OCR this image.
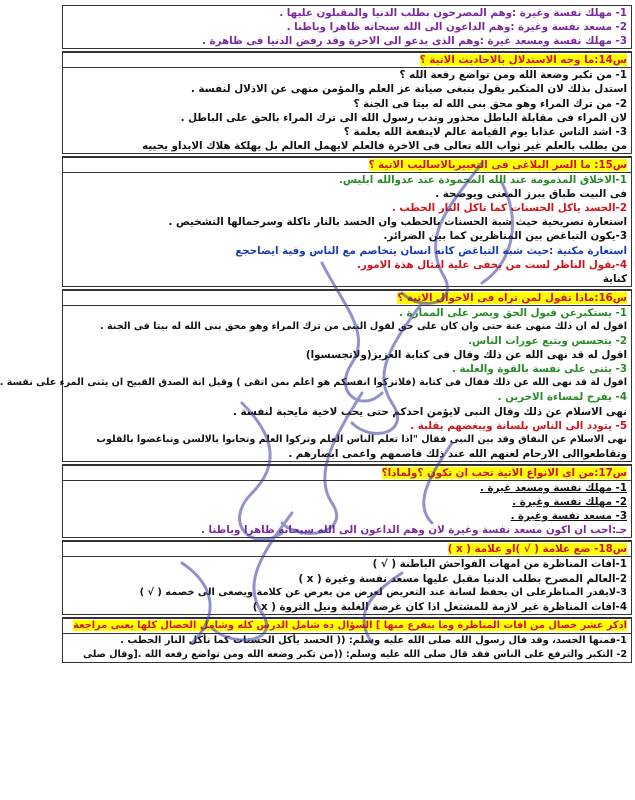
1- مهلك نفسة وغيرة :وهم المصرحون بطلب الدنيا والمقبلون عليها .
2- مسعد نفسة وغيرة :وهم الداعون الى الله سبحانه ظاهرا وباطنا .
3- مهلك نفسة ومسعد غيرة :وهم الذى يدعو الى الاخرة وقد رفض الدنيا فى ظاهرة .
س14:ما وجه الاستدلال بالاحاديث الاتية ؟
1- من تكبر وضعة الله ومن تواضع رفعة الله ؟
استدل بذلك لان المتكبر يقول ينبغى صيانة عز العلم والمؤمن منهى عن الاذلال لنفسة .
2- من ترك المراء وهو محق بنى الله له بيتا فى الجنة ؟
لان المراء فى مقابلة الباطل محذور وندب رسول الله الى ترك المراء بالحق على الباطل .
3- اشد الناس عذابا يوم القيامة عالم لاينفعة الله بعلمة ؟
من يطلب بالعلم غير ثواب الله تعالى فى الاخرة فالعلم لايهمل العالم بل يهلكة هلاك الابداو يحييه
س15: ما السر البلاغى فى التعبيربالاساليب الاتية ؟
1-الاخلاق المذمومة عند الله المحمودة عند عدوالله ابليس.
فى البيت طباق يبرز المعنى ويوضحة .
2-الحسد ياكل الحسنات كما تاكل النار الحطب .
استعارة تصريحية حيث شبة الحسنات بالحطب وان الحسد بالنار تاكلة وسرجمالها التشخيص .
3-يكون التباغض بين المناظرين كما بين الضرائر.
استعارة مكنية :حيث شبة التباغض كانه انسان يتخاصم مع الناس وفية ايضاحجع
4-يقول الناظر لست من يخفى علية امثال هذة الامور.
كناية
س16:ماذا تقول لمن تراه فى الاحوال الاتية ؟
1- يستكبرعن قبول الحق ويصر على الممارة .
اقول له ان ذلك منهى عنة حتى وان كان على حق لقول النبى من ترك المراء وهو محق بنى الله له بيتا فى الجنة .
2- يتجسس ويتبع عورات الناس.
اقول له قد نهى الله عن ذلك وقال فى كتابة العزيز(ولاتجسسوا)
3- يثنى على نفسة بالقوة والغلبة .
اقول لة قد نهى الله عن ذلك فقال فى كتابة (فلاتزكوا انفسكم هو اعلم بمن اتقى ) وقيل انة الصدق القبيح ان يثنى المرء على نفسة .
4- يفرح لمساءة الاخرين .
نهى الاسلام عن ذلك وقال النبى لايؤمن احدكم حتى يحب لاخية مايحبة لنفسة .
5- يتودد الى الناس بلسانة ويبغضهم بقلبة .
نهى الاسلام عن النفاق وقد بين النبى فقال "اذا تعلم الناس العلم وتركوا العلم وتحابوا بالالسن وتباغضوا بالقلوب
وتقاطعواالى الارحام لعنهم الله عند ذلك فاصمهم واعمى ابصارهم .
س17:من اى الانواع الاتية تحب ان تكون ؟ولماذا؟
1- مهلك نفسة ومسعد غيرة .
2- مهلك نفسة وغيرة .
3- مسعد نفسة وغيرة .
جـ:احب ان اكون مسعد نفسة وغيرة لان وهم الداعون الى الله سبحانه ظاهرا وباطنا .
س18- ضع علامة ( √ )او علامة ( x )
1-افات المناظرة من امهات الفواحش الباطنة ( √ )
2-العالم المصرح بطلب الدنيا مقبل عليها مسعد نفسة وغيرة ( x )
3-لايقدر المناظرعلى ان يحفظ لسانة عند التعريض لعرض من يعرض عن كلامة ويصغى الى خصمه ( √ )
4-افات المناظرة غير لازمة للمشتغل اذا كان غرضة الغلبة ونيل الثروة ( x )
اذكر عشر خصال من افات المناظرة وما يتفرع منها ] السؤال دة شامل الدرس كله وشامل الخصال كلها يعنى مراجعة
1-فمنها الحسد، وقد قال رسول الله صلى الله عليه وسلم: (( الحسد يأكل الحسنات كما تأكل النار الحطب .
2- التكبر والترفع على الناس فقد قال صلى الله عليه وسلم: ((من تكبر وضعه الله ومن تواضع رفعه الله .[وقال صلى
